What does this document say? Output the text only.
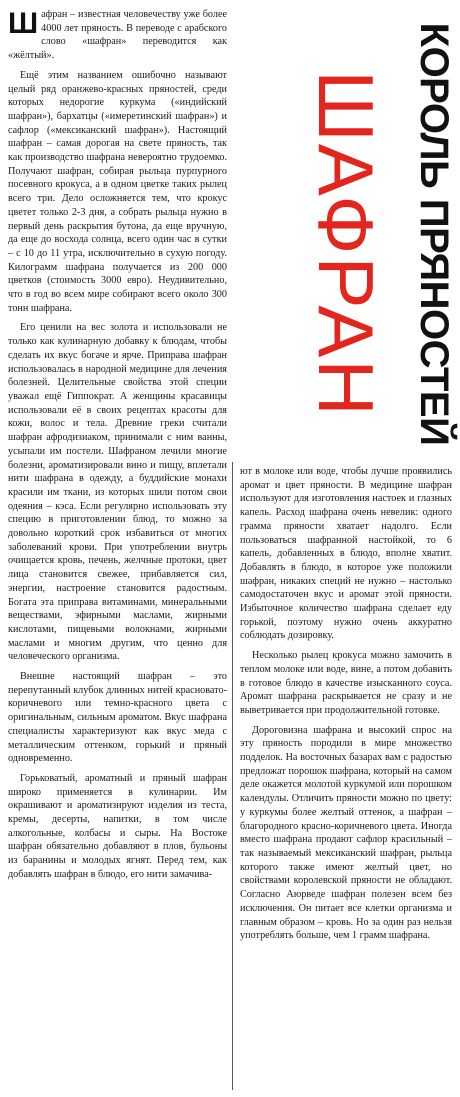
Шафран – известная человечеству уже более 4000 лет пряность. В переводе с арабского слово «шафран» переводится как «жёлтый».

Ещё этим названием ошибочно называют целый ряд оранжево-красных пряностей, среди которых недорогие куркума («индийский шафран»), бархатцы («имеретинский шафран») и сафлор («мексиканский шафран»). Настоящий шафран – самая дорогая на свете пряность, так как производство шафрана невероятно трудоемко. Получают шафран, собирая рыльца пурпурного посевного крокуса, а в одном цветке таких рылец всего три. Дело осложняется тем, что крокус цветет только 2-3 дня, а собрать рыльца нужно в первый день раскрытия бутона, да еще вручную, да еще до восхода солнца, всего один час в сутки – с 10 до 11 утра, исключительно в сухую погоду. Килограмм шафрана получается из 200 000 цветков (стоимость 3000 евро). Неудивительно, что в год во всем мире собирают всего около 300 тонн шафрана.

Его ценили на вес золота и использовали не только как кулинарную добавку к блюдам, чтобы сделать их вкус богаче и ярче. Приправа шафран использовалась в народной медицине для лечения болезней. Целительные свойства этой специи уважал ещё Гиппократ. А женщины красавицы использовали её в своих рецептах красоты для кожи, волос и тела. Древние греки считали шафран афродизиаком, принимали с ним ванны, усыпали им постели. Шафраном лечили многие болезни, ароматизировали вино и пищу, вплетали нити шафрана в одежду, а буддийские монахи красили им ткани, из которых шили потом свои одеяния – кэса. Если регулярно использовать эту специю в приготовлении блюд, то можно за довольно короткий срок избавиться от многих заболеваний крови. При употреблении внутрь очищается кровь, печень, желчные протоки, цвет лица становится свежее, прибавляется сил, энергии, настроение становится радостным. Богата эта приправа витаминами, минеральными веществами, эфирными маслами, жирными кислотами, пищевыми волокнами, жирными маслами и многим другим, что ценно для человеческого организма.

Внешне настоящий шафран – это перепутанный клубок длинных нитей красновато-коричневого или темно-красного цвета с оригинальным, сильным ароматом. Вкус шафрана специалисты характеризуют как вкус меда с металлическим оттенком, горький и пряный одновременно.

Горьковатый, ароматный и пряный шафран широко применяется в кулинарии. Им окрашивают и ароматизируют изделия из теста, кремы, десерты, напитки, в том числе алкогольные, колбасы и сыры. На Востоке шафран обязательно добавляют в плов, бульоны из баранины и молодых ягнят. Перед тем, как добавлять шафран в блюдо, его нити замачива-

ШАФРАН КОРОЛЬ ПРЯНОСТЕЙ

ют в молоке или воде, чтобы лучше проявились аромат и цвет пряности. В медицине шафран используют для изготовления настоек и глазных капель. Расход шафрана очень невелик: одного грамма пряности хватает надолго. Если пользоваться шафранной настойкой, то 6 капель, добавленных в блюдо, вполне хватит. Добавлять в блюдо, в которое уже положили шафран, никаких специй не нужно – настолько самодостаточен вкус и аромат этой пряности. Избыточное количество шафрана сделает еду горькой, поэтому нужно очень аккуратно соблюдать дозировку.

Несколько рылец крокуса можно замочить в теплом молоке или воде, вине, а потом добавить в готовое блюдо в качестве изысканного соуса. Аромат шафрана раскрывается не сразу и не выветривается при продолжительной готовке.

Дороговизна шафрана и высокий спрос на эту пряность породили в мире множество подделок. На восточных базарах вам с радостью предложат порошок шафрана, который на самом деле окажется молотой куркумой или порошком календулы. Отличить пряности можно по цвету: у куркумы более желтый оттенок, а шафран – благородного красно-коричневого цвета. Иногда вместо шафрана продают сафлор красильный – так называемый мексиканский шафран, рыльца которого также имеют желтый цвет, но свойствами королевской пряности не обладают. Согласно Аюрведе шафран полезен всем без исключения. Он питает все клетки организма и главным образом – кровь. Но за один раз нельзя употреблять больше, чем 1 грамм шафрана.
